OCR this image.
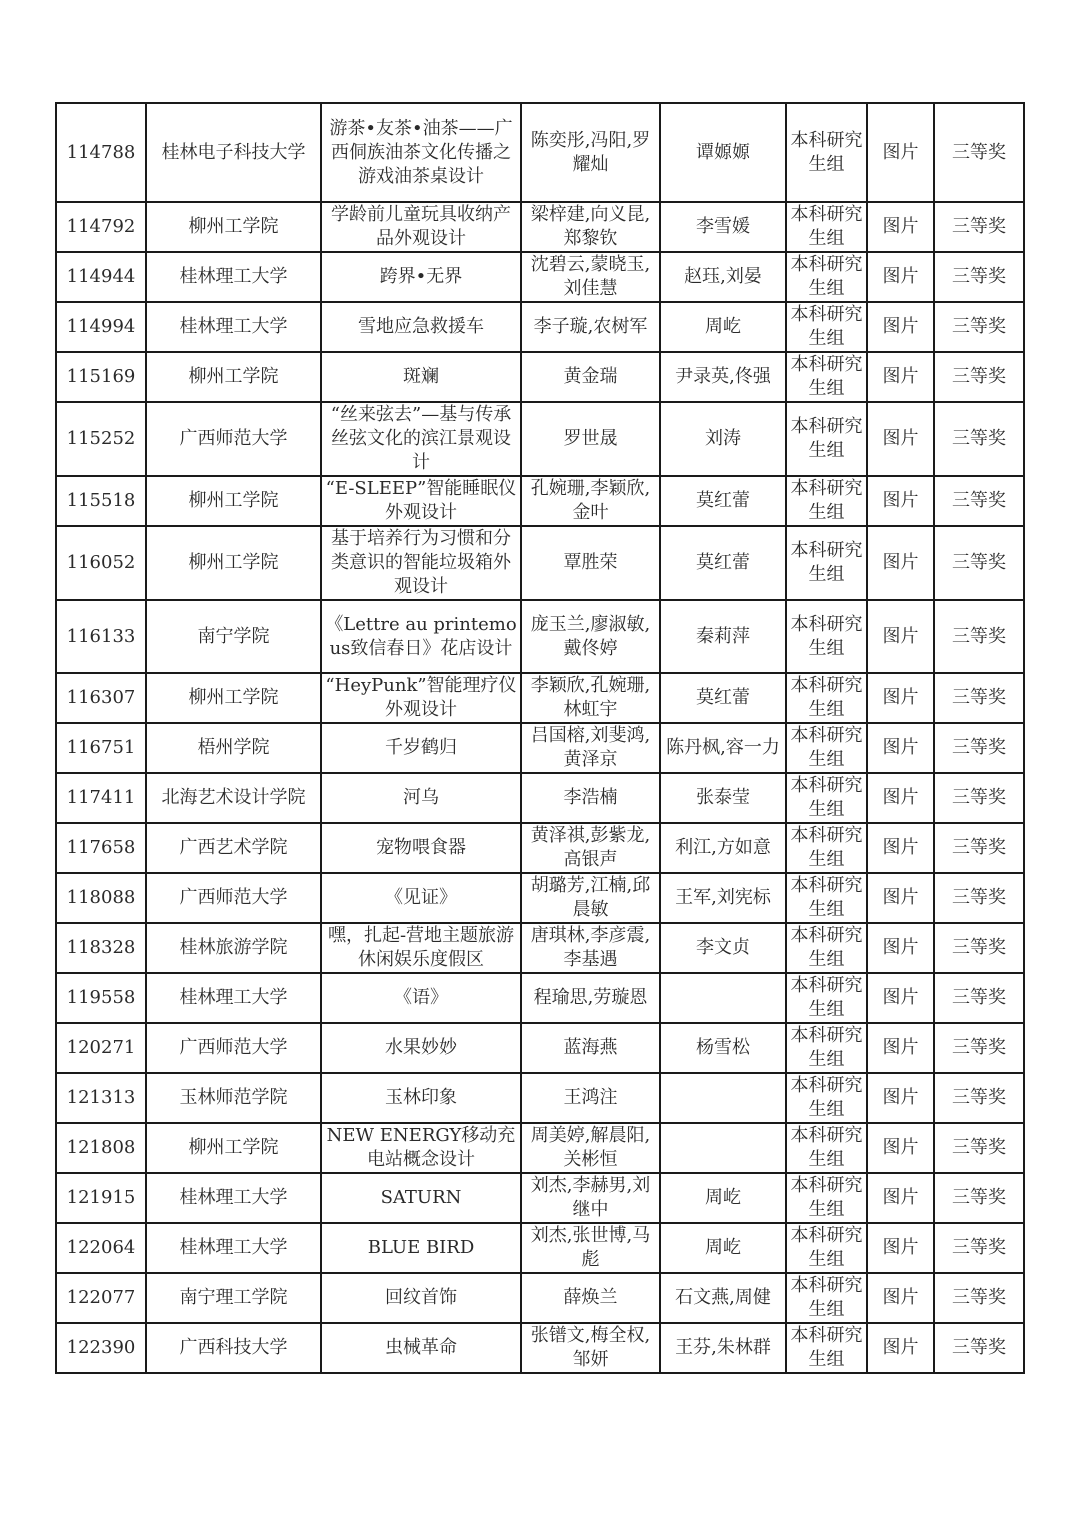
114788	桂林电子科技大学	游茶•友茶•油茶——广西侗族油茶文化传播之游戏油茶桌设计	陈奕彤,冯阳,罗耀灿	谭嫄嫄	本科研究生组	图片	三等奖
114792	柳州工学院	学龄前儿童玩具收纳产品外观设计	梁梓建,向义昆,郑黎钦	李雪媛	本科研究生组	图片	三等奖
114944	桂林理工大学	跨界•无界	沈碧云,蒙晓玉,刘佳慧	赵珏,刘晏	本科研究生组	图片	三等奖
114994	桂林理工大学	雪地应急救援车	李子璇,农树军	周屹	本科研究生组	图片	三等奖
115169	柳州工学院	斑斓	黄金瑞	尹录英,佟强	本科研究生组	图片	三等奖
115252	广西师范大学	“丝来弦去”—基与传承丝弦文化的滨江景观设计	罗世晟	刘涛	本科研究生组	图片	三等奖
115518	柳州工学院	“E-SLEEP”智能睡眠仪外观设计	孔婉珊,李颖欣,金叶	莫红蕾	本科研究生组	图片	三等奖
116052	柳州工学院	基于培养行为习惯和分类意识的智能垃圾箱外观设计	覃胜荣	莫红蕾	本科研究生组	图片	三等奖
116133	南宁学院	《Lettre au printemous致信春日》花店设计	庞玉兰,廖淑敏,戴佟婷	秦莉萍	本科研究生组	图片	三等奖
116307	柳州工学院	“HeyPunk”智能理疗仪外观设计	李颖欣,孔婉珊,林虹宇	莫红蕾	本科研究生组	图片	三等奖
116751	梧州学院	千岁鹤归	吕国榕,刘斐鸿,黄泽京	陈丹枫,容一力	本科研究生组	图片	三等奖
117411	北海艺术设计学院	河乌	李浩楠	张泰莹	本科研究生组	图片	三等奖
117658	广西艺术学院	宠物喂食器	黄泽祺,彭紫龙,高银声	利江,方如意	本科研究生组	图片	三等奖
118088	广西师范大学	《见证》	胡璐芳,江楠,邱晨敏	王军,刘宪标	本科研究生组	图片	三等奖
118328	桂林旅游学院	嘿，扎起-营地主题旅游休闲娱乐度假区	唐琪林,李彦震,李基遇	李文贞	本科研究生组	图片	三等奖
119558	桂林理工大学	《语》	程瑜思,劳璇恩		本科研究生组	图片	三等奖
120271	广西师范大学	水果妙妙	蓝海燕	杨雪松	本科研究生组	图片	三等奖
121313	玉林师范学院	玉林印象	王鸿注		本科研究生组	图片	三等奖
121808	柳州工学院	NEW ENERGY移动充电站概念设计	周美婷,解晨阳,关彬恒		本科研究生组	图片	三等奖
121915	桂林理工大学	SATURN	刘杰,李赫男,刘继中	周屹	本科研究生组	图片	三等奖
122064	桂林理工大学	BLUE BIRD	刘杰,张世博,马彪	周屹	本科研究生组	图片	三等奖
122077	南宁理工学院	回纹首饰	薛焕兰	石文燕,周健	本科研究生组	图片	三等奖
122390	广西科技大学	虫械革命	张镨文,梅全权,邹妍	王芬,朱林群	本科研究生组	图片	三等奖
